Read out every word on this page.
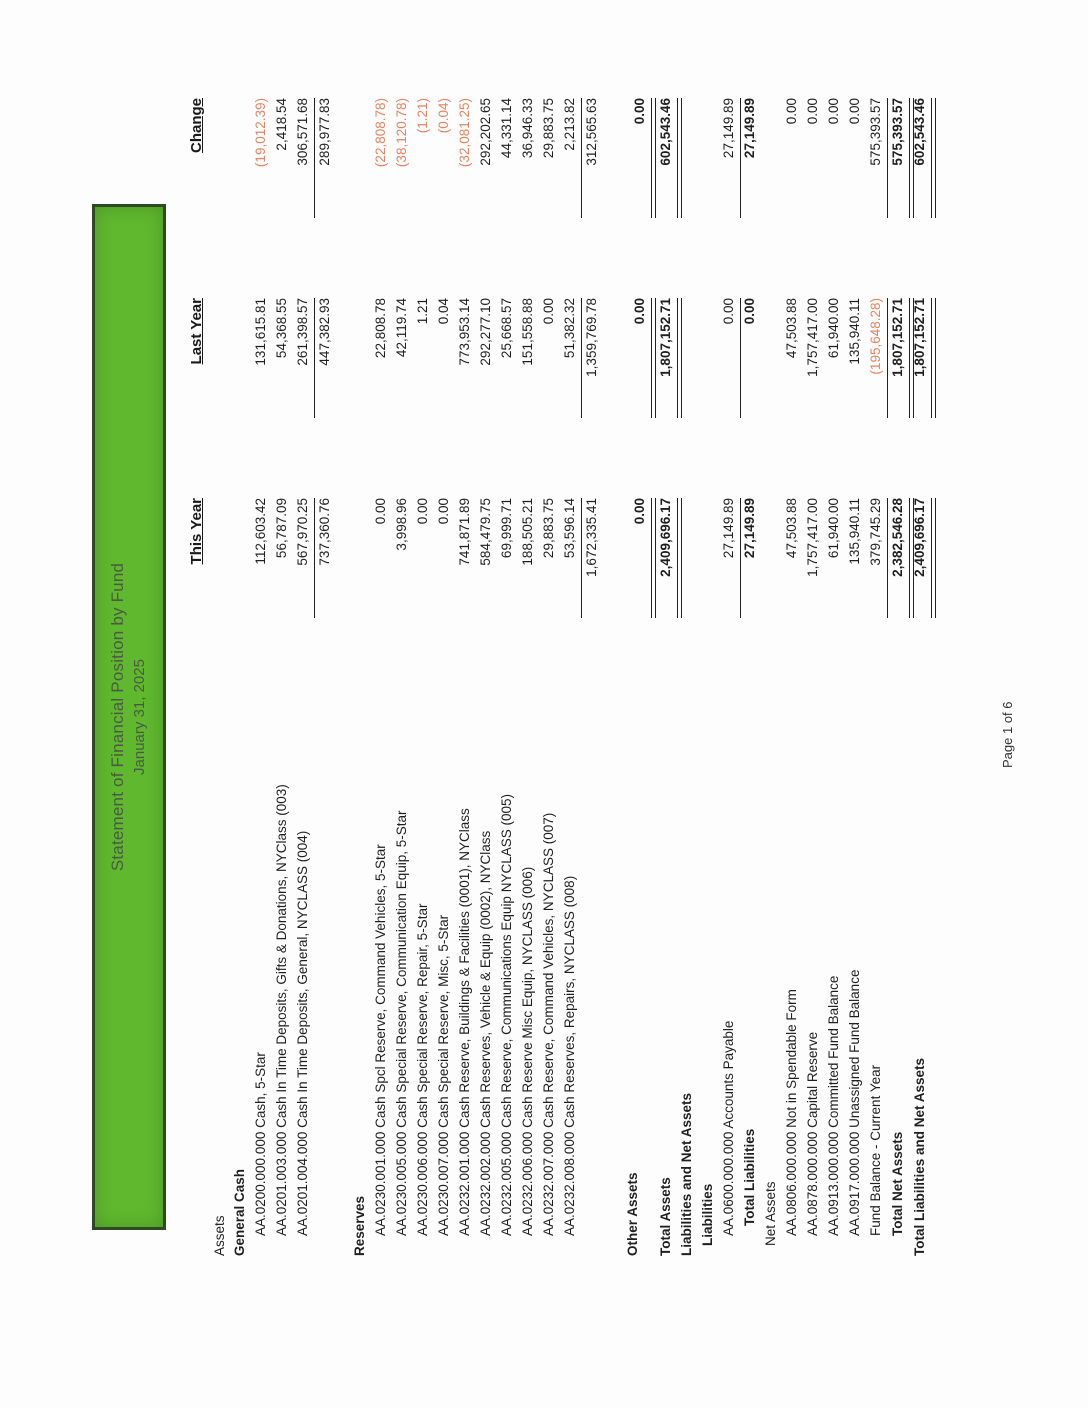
Statement of Financial Position by Fund January 31, 2025
This Year
Last Year
Change
Assets General Cash AA.0200.000.000 Cash, 5-Star
112,603.42
131,615.81
(19,012.39)
AA.0201.003.000 Cash In Time Deposits, Gifts & Donations, NYClass (003)
56,787.09
54,368.55
2,418.54
AA.0201.004.000 Cash In Time Deposits, General, NYCLASS (004)
567,970.25
261,398.57
306,571.68
737,360.76
447,382.93
289,977.83
Reserves AA.0230.001.000 Cash Spcl Reserve, Command Vehicles, 5-Star
0.00
22,808.78
(22,808.78)
AA.0230.005.000 Cash Special Reserve, Communication Equip, 5-Star
3,998.96
42,119.74
(38,120.78)
AA.0230.006.000 Cash Special Reserve, Repair, 5-Star
0.00
1.21
(1.21)
AA.0230.007.000 Cash Special Reserve, Misc, 5-Star
0.00
0.04
(0.04)
AA.0232.001.000 Cash Reserve, Buildings & Facilities (0001), NYClass
741,871.89
773,953.14
(32,081.25)
AA.0232.002.000 Cash Reserves, Vehicle & Equip (0002), NYClass
584,479.75
292,277.10
292,202.65
AA.0232.005.000 Cash Reserve, Communications Equip NYCLASS (005)
69,999.71
25,668.57
44,331.14
AA.0232.006.000 Cash Reserve Misc Equip, NYCLASS (006)
188,505.21
151,558.88
36,946.33
AA.0232.007.000 Cash Reserve, Command Vehicles, NYCLASS (007)
29,883.75
0.00
29,883.75
AA.0232.008.000 Cash Reserves, Repairs, NYCLASS (008)
53,596.14
51,382.32
2,213.82
1,672,335.41
1,359,769.78
312,565.63
Other Assets
0.00
0.00
0.00
Total Assets
2,409,696.17
1,807,152.71
602,543.46
Liabilities and Net Assets Liabilities AA.0600.000.000 Accounts Payable
27,149.89
0.00
27,149.89
Total Liabilities
27,149.89
0.00
27,149.89
Net Assets AA.0806.000.000 Not in Spendable Form
47,503.88
47,503.88
0.00
AA.0878.000.000 Capital Reserve
1,757,417.00
1,757,417.00
0.00
AA.0913.000.000 Committed Fund Balance
61,940.00
61,940.00
0.00
AA.0917.000.000 Unassigned Fund Balance
135,940.11
135,940.11
0.00
Fund Balance - Current Year
379,745.29
(195,648.28)
575,393.57
Total Net Assets
2,382,546.28
1,807,152.71
575,393.57
Total Liabilities and Net Assets
2,409,696.17
1,807,152.71
602,543.46
Page 1 of 6
